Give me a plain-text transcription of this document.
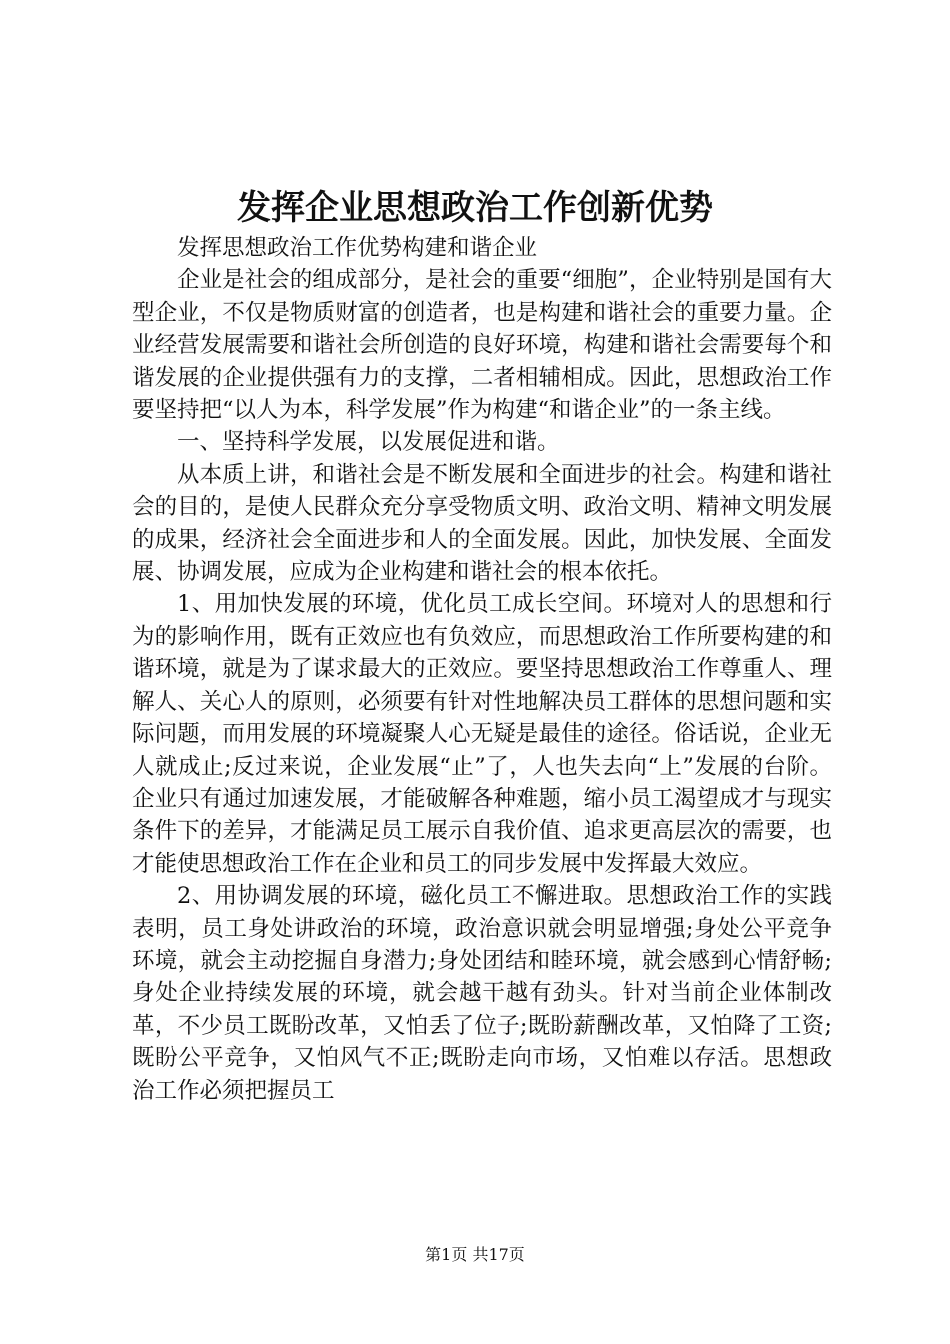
发挥企业思想政治工作创新优势

发挥思想政治工作优势构建和谐企业

企业是社会的组成部分，是社会的重要“细胞”，企业特别是国有大型企业，不仅是物质财富的创造者，也是构建和谐社会的重要力量。企业经营发展需要和谐社会所创造的良好环境，构建和谐社会需要每个和谐发展的企业提供强有力的支撑，二者相辅相成。因此，思想政治工作要坚持把“以人为本，科学发展”作为构建“和谐企业”的一条主线。

一、坚持科学发展，以发展促进和谐。

从本质上讲，和谐社会是不断发展和全面进步的社会。构建和谐社会的目的，是使人民群众充分享受物质文明、政治文明、精神文明发展的成果，经济社会全面进步和人的全面发展。因此，加快发展、全面发展、协调发展，应成为企业构建和谐社会的根本依托。

1、用加快发展的环境，优化员工成长空间。环境对人的思想和行为的影响作用，既有正效应也有负效应，而思想政治工作所要构建的和谐环境，就是为了谋求最大的正效应。要坚持思想政治工作尊重人、理解人、关心人的原则，必须要有针对性地解决员工群体的思想问题和实际问题，而用发展的环境凝聚人心无疑是最佳的途径。俗话说，企业无人就成止;反过来说，企业发展“止”了，人也失去向“上”发展的台阶。企业只有通过加速发展，才能破解各种难题，缩小员工渴望成才与现实条件下的差异，才能满足员工展示自我价值、追求更高层次的需要，也才能使思想政治工作在企业和员工的同步发展中发挥最大效应。

2、用协调发展的环境，磁化员工不懈进取。思想政治工作的实践表明，员工身处讲政治的环境，政治意识就会明显增强;身处公平竞争环境，就会主动挖掘自身潜力;身处团结和睦环境，就会感到心情舒畅;身处企业持续发展的环境，就会越干越有劲头。针对当前企业体制改革，不少员工既盼改革，又怕丢了位子;既盼薪酬改革，又怕降了工资;既盼公平竞争，又怕风气不正;既盼走向市场，又怕难以存活。思想政治工作必须把握员工

第1页 共17页
